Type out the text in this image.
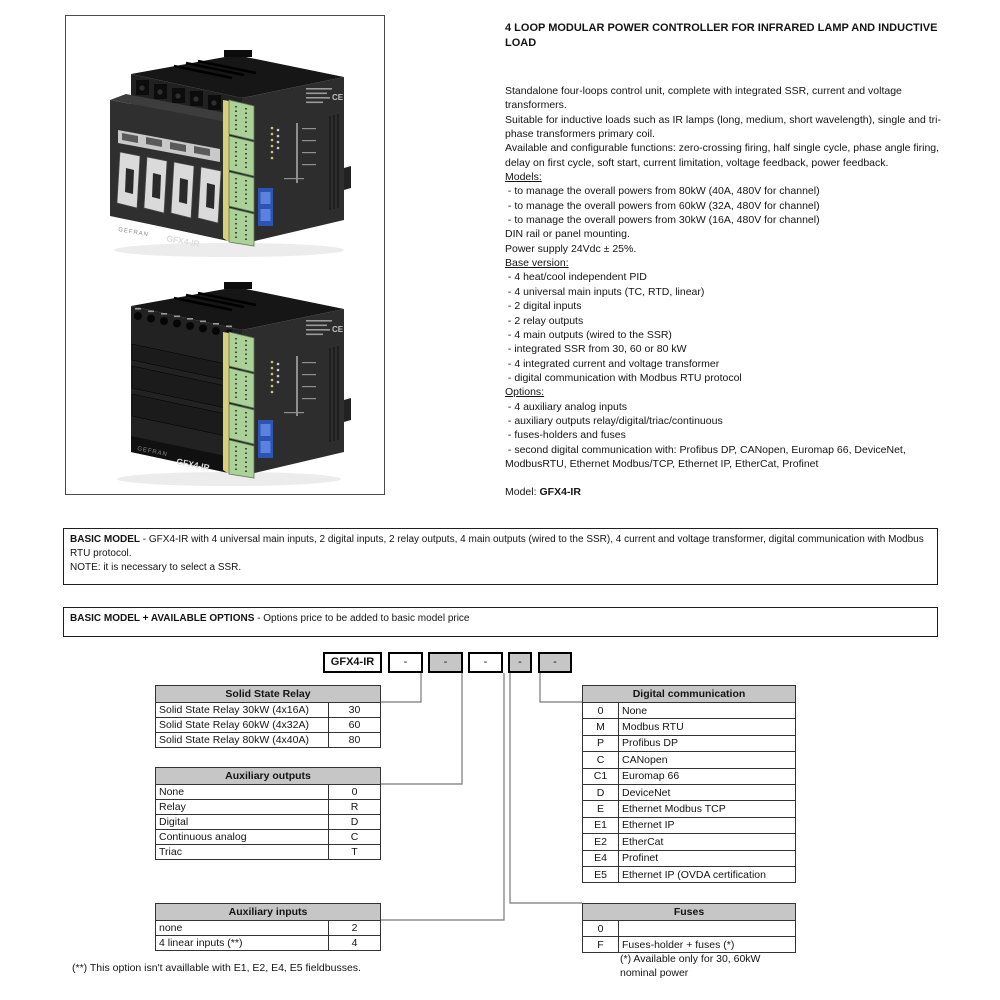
CE
GEFRAN
GFX4-IR
CE
GEFRAN
GFX4-IR
4 LOOP MODULAR POWER CONTROLLER FOR INFRARED LAMP AND INDUCTIVE LOAD
Standalone four-loops control unit, complete with integrated SSR, current and voltage transformers.
Suitable for inductive loads such as IR lamps (long, medium, short wavelength), single and tri-phase transformers primary coil.
Available and configurable functions: zero-crossing firing, half single cycle, phase angle firing, delay on first cycle, soft start, current limitation, voltage feedback, power feedback.
Models:
- to manage the overall powers from 80kW (40A, 480V for channel)
- to manage the overall powers from 60kW (32A, 480V for channel)
- to manage the overall powers from 30kW (16A, 480V for channel)
DIN rail or panel mounting.
Power supply 24Vdc ± 25%.
Base version:
- 4 heat/cool independent PID
- 4 universal main inputs (TC, RTD, linear)
- 2 digital inputs
- 2 relay outputs
- 4 main outputs (wired to the SSR)
- integrated SSR from 30, 60 or 80 kW
- 4 integrated current and voltage transformer
- digital communication with Modbus RTU protocol
Options:
- 4 auxiliary analog inputs
- auxiliary outputs relay/digital/triac/continuous
- fuses-holders and fuses
- second digital communication with: Profibus DP, CANopen, Euromap 66, DeviceNet, ModbusRTU, Ethernet Modbus/TCP, Ethernet IP, EtherCat, Profinet
Model: GFX4-IR
BASIC MODEL - GFX4-IR with 4 universal main inputs, 2 digital inputs, 2 relay outputs, 4 main outputs (wired to the SSR), 4 current and voltage transformer, digital communication with Modbus RTU protocol.
NOTE: it is necessary to select a SSR.
BASIC MODEL + AVAILABLE OPTIONS - Options price to be added to basic model price
GFX4-IR	-	-	-	-	-
Solid State Relay	
Solid State Relay 30kW (4x16A)	30
Solid State Relay 60kW (4x32A)	60
Solid State Relay 80kW (4x40A)	80
Auxiliary outputs	
None	0
Relay	R
Digital	D
Continuous analog	C
Triac	T
Auxiliary inputs	
none	2
4 linear inputs (**)	4
Digital communication	
0	None
M	Modbus RTU
P	Profibus DP
C	CANopen
C1	Euromap 66
D	DeviceNet
E	Ethernet Modbus TCP
E1	Ethernet IP
E2	EtherCat
E4	Profinet
E5	Ethernet IP (OVDA certification
Fuses	
0	
F	Fuses-holder + fuses (*)
(*) Available only for 30, 60kW
nominal power
(**) This option isn't availlable with E1, E2, E4, E5 fieldbusses.
